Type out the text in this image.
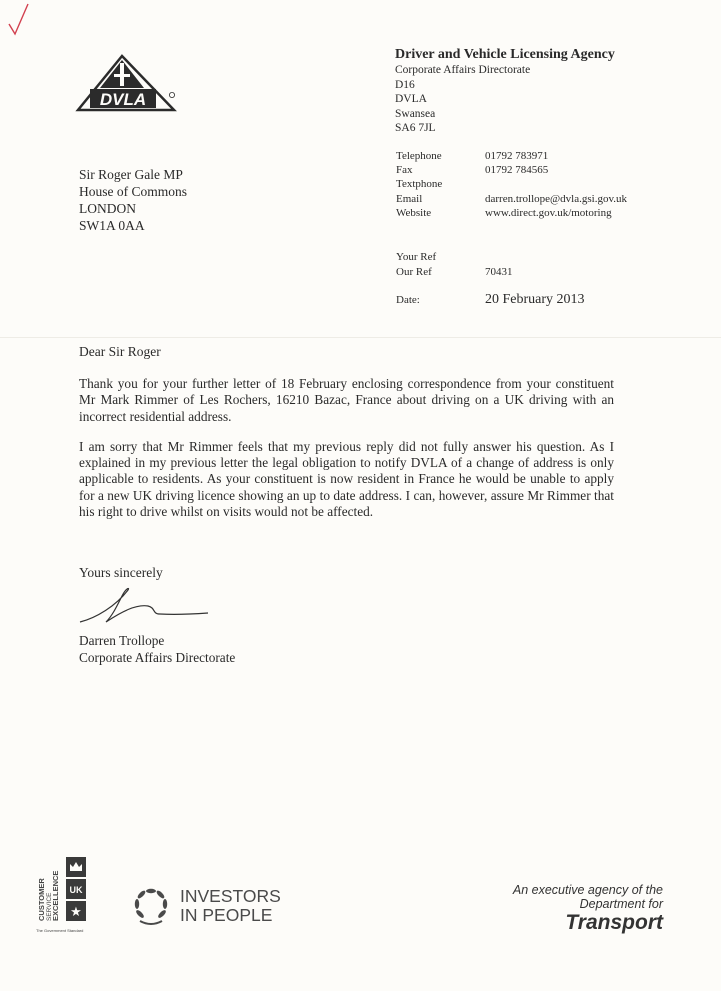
DVLA
Driver and Vehicle Licensing Agency
Corporate Affairs Directorate
D16
DVLA
Swansea
SA6 7JL
Telephone	01792 783971
Fax	01792 784565
Textphone
Email	darren.trollope@dvla.gsi.gov.uk
Website	www.direct.gov.uk/motoring
Your Ref
Our Ref	70431
Date:	20 February 2013
Sir Roger Gale MP
House of Commons
LONDON
SW1A 0AA
Dear Sir Roger

Thank you for your further letter of 18 February enclosing correspondence from your constituent Mr Mark Rimmer of Les Rochers, 16210 Bazac, France about driving on a UK driving with an incorrect residential address.

I am sorry that Mr Rimmer feels that my previous reply did not fully answer his question. As I explained in my previous letter the legal obligation to notify DVLA of a change of address is only applicable to residents. As your constituent is now resident in France he would be unable to apply for a new UK driving licence showing an up to date address. I can, however, assure Mr Rimmer that his right to drive whilst on visits would not be affected.

Yours sincerely
Darren Trollope
Corporate Affairs Directorate
CUSTOMER SERVICE
EXCELLENCE UK
★
The Government Standard
INVESTORS
IN PEOPLE
An executive agency of the
Department for
Transport
